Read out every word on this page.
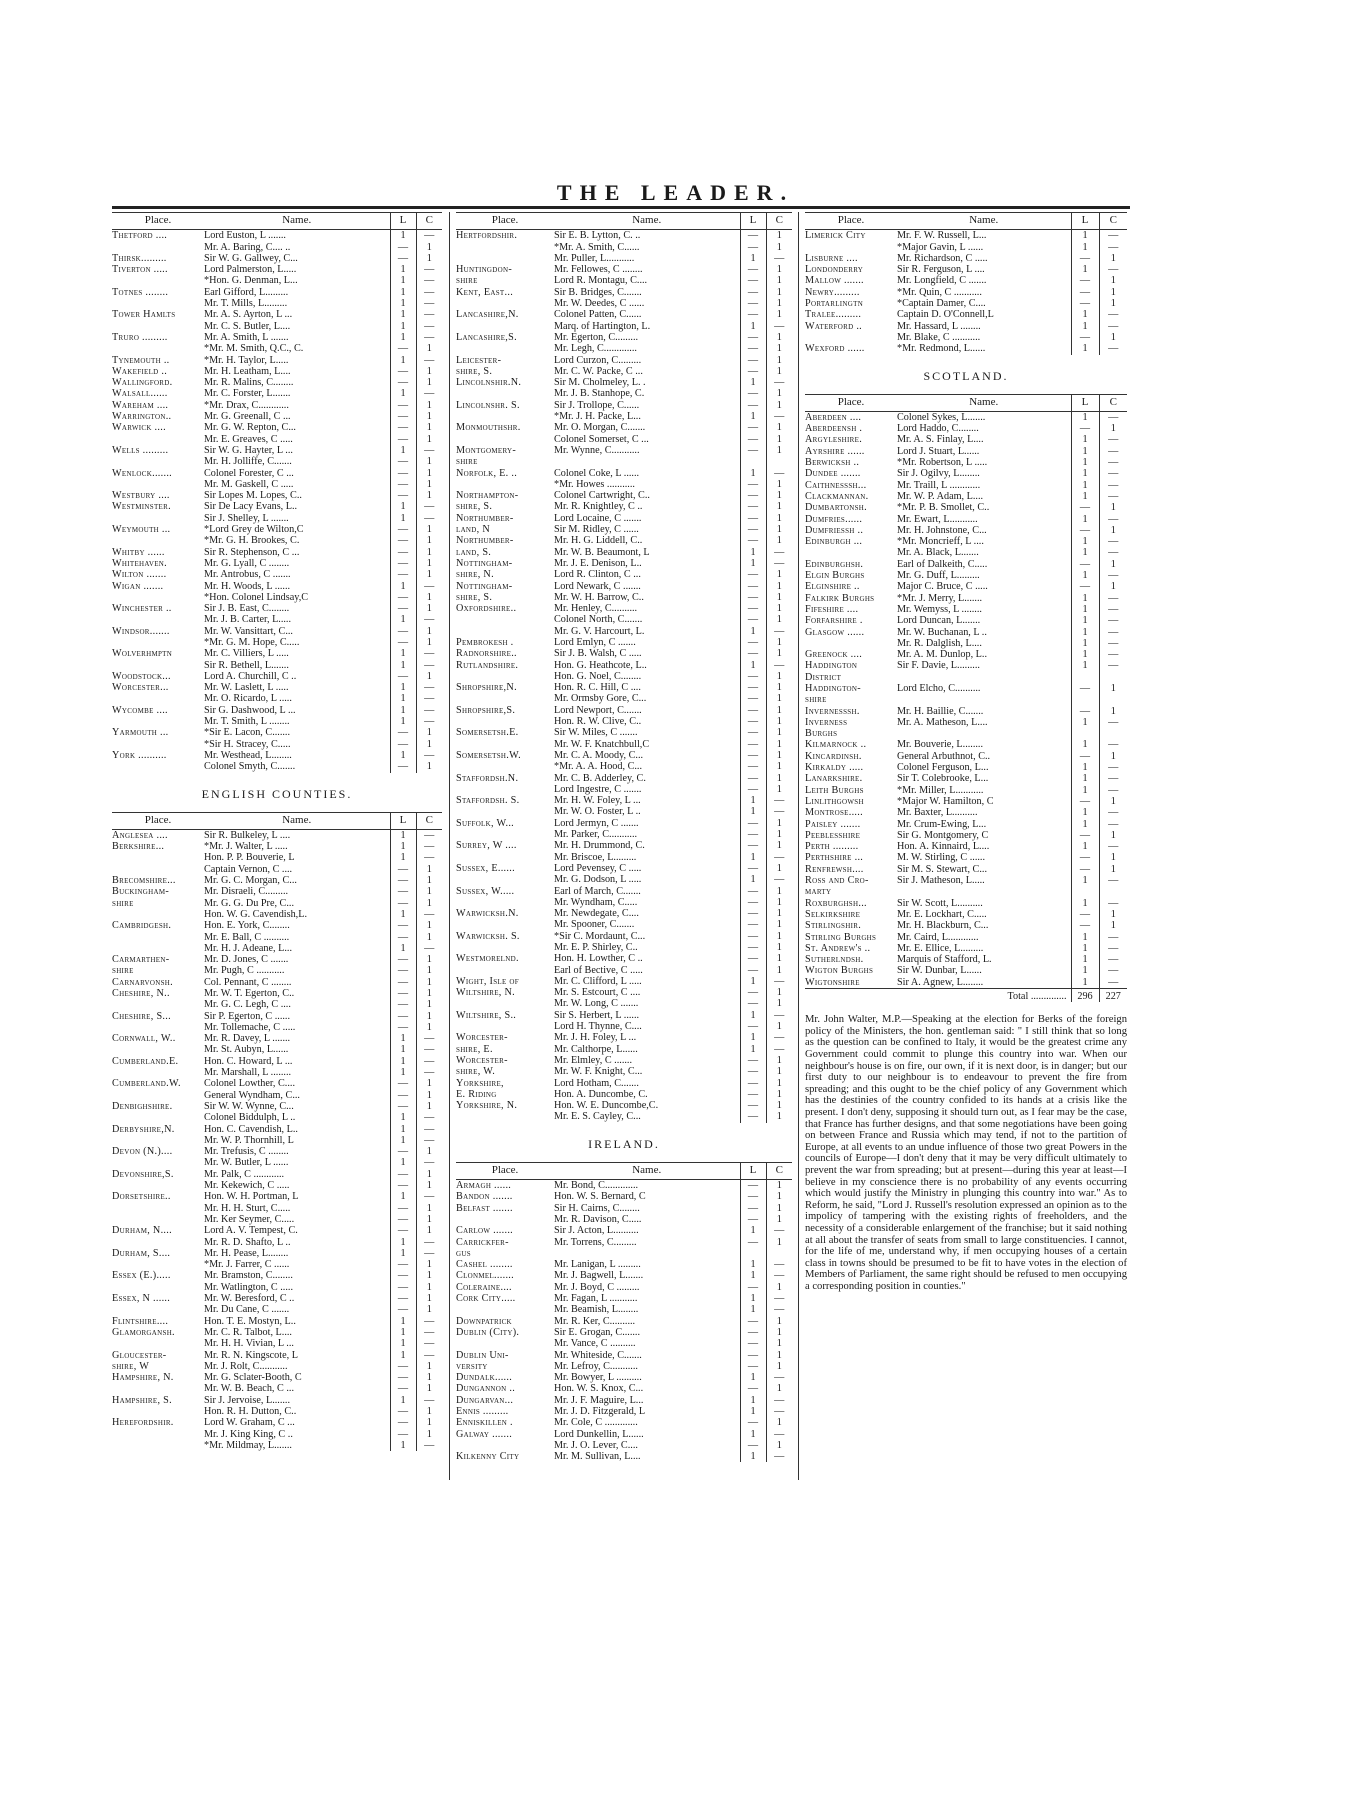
THE LEADER.
Place.	Name.	L	C
Thetford ....	Lord Euston, L .......	1	—
	Mr. A. Baring, C.... ..	—	1
Thirsk.........	Sir W. G. Gallwey, C...	—	1
Tiverton .....	Lord Palmerston, L.....	1	—
	*Hon. G. Denman, L...	1	—
Totnes ........	Earl Gifford, L.........	1	—
	Mr. T. Mills, L.........	1	—
Tower Hamlts	Mr. A. S. Ayrton, L ...	1	—
	Mr. C. S. Butler, L....	1	—
Truro .........	Mr. A. Smith, L .......	1	—
	*Mr. M. Smith, Q.C., C.	—	1
Tynemouth ..	*Mr. H. Taylor, L.....	1	—
Wakefield ..	Mr. H. Leatham, L....	—	1
Wallingford.	Mr. R. Malins, C........	—	1
Walsall......	Mr. C. Forster, L.......	1	—
Wareham ....	*Mr. Drax, C............	—	1
Warrington..	Mr. G. Greenall, C ...	—	1
Warwick ....	Mr. G. W. Repton, C...	—	1
	Mr. E. Greaves, C .....	—	1
Wells .........	Sir W. G. Hayter, L ...	1	—
	Mr. H. Jolliffe, C.......	—	1
Wenlock.......	Colonel Forester, C ...	—	1
	Mr. M. Gaskell, C .....	—	1
Westbury ....	Sir Lopes M. Lopes, C..	—	1
Westminster.	Sir De Lacy Evans, L..	1	—
	Sir J. Shelley, L .......	1	—
Weymouth ...	*Lord Grey de Wilton,C	—	1
	*Mr. G. H. Brookes, C.	—	1
Whitby ......	Sir R. Stephenson, C ...	—	1
Whitehaven.	Mr. G. Lyall, C ........	—	1
Wilton .......	Mr. Antrobus, C .......	—	1
Wigan .......	Mr. H. Woods, L ......	1	—
	*Hon. Colonel Lindsay,C	—	1
Winchester ..	Sir J. B. East, C........	—	1
	Mr. J. B. Carter, L.....	1	—
Windsor.......	Mr. W. Vansittart, C...	—	1
	*Mr. G. M. Hope, C.....	—	1
Wolverhmptn	Mr. C. Villiers, L .....	1	—
	Sir R. Bethell, L.......	1	—
Woodstock...	Lord A. Churchill, C ..	—	1
Worcester...	Mr. W. Laslett, L .....	1	—
	Mr. O. Ricardo, L .....	1	—
Wycombe ....	Sir G. Dashwood, L ...	1	—
	Mr. T. Smith, L ........	1	—
Yarmouth ...	*Sir E. Lacon, C.......	—	1
	*Sir H. Stracey, C.....	—	1
York ..........	Mr. Westhead, L........	1	—
	Colonel Smyth, C.......	—	1
ENGLISH COUNTIES.
Place.	Name.	L	C
Anglesea ....	Sir R. Bulkeley, L ....	1	—
Berkshire...	*Mr. J. Walter, L .....	1	—
	Hon. P. P. Bouverie, L	1	—
	Captain Vernon, C ....	—	1
Brecomshire...	Mr. G. C. Morgan, C...	—	1
Buckingham-	Mr. Disraeli, C.........	—	1
shire	Mr. G. G. Du Pre, C...	—	1
	Hon. W. G. Cavendish,L.	1	—
Cambridgesh.	Hon. E. York, C........	—	1
	Mr. E. Ball, C ..........	—	1
	Mr. H. J. Adeane, L...	1	—
Carmarthen-	Mr. D. Jones, C .......	—	1
shire	Mr. Pugh, C ...........	—	1
Carnarvonsh.	Col. Pennant, C ........	—	1
Cheshire, N..	Mr. W. T. Egerton, C..	—	1
	Mr. G. C. Legh, C ....	—	1
Cheshire, S...	Sir P. Egerton, C ......	—	1
	Mr. Tollemache, C .....	—	1
Cornwall, W..	Mr. R. Davey, L .......	1	—
	Mr. St. Aubyn, L......	1	—
Cumberland.E.	Hon. C. Howard, L ...	1	—
	Mr. Marshall, L ........	1	—
Cumberland.W.	Colonel Lowther, C....	—	1
	General Wyndham, C...	—	1
Denbighshire.	Sir W. W. Wynne, C...	—	1
	Colonel Biddulph, L ..	1	—
Derbyshire,N.	Hon. C. Cavendish, L..	1	—
	Mr. W. P. Thornhill, L	1	—
Devon (N.)....	Mr. Trefusis, C ........	—	1
	Mr. W. Butler, L ......	1	—
Devonshire,S.	Mr. Palk, C ............	—	1
	Mr. Kekewich, C .....	—	1
Dorsetshire..	Hon. W. H. Portman, L	1	—
	Mr. H. H. Sturt, C.....	—	1
	Mr. Ker Seymer, C.....	—	1
Durham, N....	Lord A. V. Tempest, C.	—	1
	Mr. R. D. Shafto, L ..	1	—
Durham, S....	Mr. H. Pease, L........	1	—
	*Mr. J. Farrer, C ......	—	1
Essex (E.).....	Mr. Bramston, C........	—	1
	Mr. Watlington, C .....	—	1
Essex, N ......	Mr. W. Beresford, C ..	—	1
	Mr. Du Cane, C .......	—	1
Flintshire....	Hon. T. E. Mostyn, L..	1	—
Glamorgansh.	Mr. C. R. Talbot, L....	1	—
	Mr. H. H. Vivian, L ...	1	—
Gloucester-	Mr. R. N. Kingscote, L	1	—
shire, W	Mr. J. Rolt, C...........	—	1
Hampshire, N.	Mr. G. Sclater-Booth, C	—	1
	Mr. W. B. Beach, C ...	—	1
Hampshire, S.	Sir J. Jervoise, L.......	1	—
	Hon. R. H. Dutton, C..	—	1
Herefordshir.	Lord W. Graham, C ...	—	1
	Mr. J. King King, C ..	—	1
	*Mr. Mildmay, L.......	1	—
Place.	Name.	L	C
Hertfordshir.	Sir E. B. Lytton, C. ..	—	1
	*Mr. A. Smith, C......	—	1
	Mr. Puller, L...........	1	—
Huntingdon-	Mr. Fellowes, C ........	—	1
shire	Lord R. Montagu, C....	—	1
Kent, East...	Sir B. Bridges, C.......	—	1
	Mr. W. Deedes, C ......	—	1
Lancashire,N.	Colonel Patten, C......	—	1
	Marq. of Hartington, L.	1	—
Lancashire,S.	Mr. Egerton, C.........	—	1
	Mr. Legh, C.............	—	1
Leicester-	Lord Curzon, C.........	—	1
shire, S.	Mr. C. W. Packe, C ...	—	1
Lincolnshir.N.	Sir M. Cholmeley, L. .	1	—
	Mr. J. B. Stanhope, C.	—	1
Lincolnshr. S.	Sir J. Trollope, C......	—	1
	*Mr. J. H. Packe, L...	1	—
Monmouthshr.	Mr. O. Morgan, C.......	—	1
	Colonel Somerset, C ...	—	1
Montgomery-	Mr. Wynne, C...........	—	1
shire			
Norfolk, E. ..	Colonel Coke, L ......	1	—
	*Mr. Howes ...........	—	1
Northampton-	Colonel Cartwright, C..	—	1
shire, S.	Mr. R. Knightley, C ..	—	1
Northumber-	Lord Locaine, C .......	—	1
land, N	Sir M. Ridley, C ......	—	1
Northumber-	Mr. H. G. Liddell, C..	—	1
land, S.	Mr. W. B. Beaumont, L	1	—
Nottingham-	Mr. J. E. Denison, L..	1	—
shire, N.	Lord R. Clinton, C ...	—	1
Nottingham-	Lord Newark, C .......	—	1
shire, S.	Mr. W. H. Barrow, C..	—	1
Oxfordshire..	Mr. Henley, C..........	—	1
	Colonel North, C.......	—	1
	Mr. G. V. Harcourt, L.	1	—
Pembrokesh .	Lord Emlyn, C .......	—	1
Radnorshire..	Sir J. B. Walsh, C .....	—	1
Rutlandshire.	Hon. G. Heathcote, L..	1	—
	Hon. G. Noel, C........	—	1
Shropshire,N.	Hon. R. C. Hill, C ....	—	1
	Mr. Ormsby Gore, C...	—	1
Shropshire,S.	Lord Newport, C.......	—	1
	Hon. R. W. Clive, C..	—	1
Somersetsh.E.	Sir W. Miles, C .......	—	1
	Mr. W. F. Knatchbull,C	—	1
Somersetsh.W.	Mr. C. A. Moody, C...	—	1
	*Mr. A. A. Hood, C...	—	1
Staffordsh.N.	Mr. C. B. Adderley, C.	—	1
	Lord Ingestre, C .......	—	1
Staffordsh. S.	Mr. H. W. Foley, L ...	1	—
	Mr. W. O. Foster, L ..	1	—
Suffolk, W...	Lord Jermyn, C .......	—	1
	Mr. Parker, C...........	—	1
Surrey, W ....	Mr. H. Drummond, C.	—	1
	Mr. Briscoe, L.........	1	—
Sussex, E......	Lord Pevensey, C .....	—	1
	Mr. G. Dodson, L .....	1	—
Sussex, W.....	Earl of March, C.......	—	1
	Mr. Wyndham, C.....	—	1
Warwicksh.N.	Mr. Newdegate, C....	—	1
	Mr. Spooner, C.......	—	1
Warwicksh. S.	*Sir C. Mordaunt, C...	—	1
	Mr. E. P. Shirley, C..	—	1
Westmorelnd.	Hon. H. Lowther, C ..	—	1
	Earl of Bective, C .....	—	1
Wight, Isle of	Mr. C. Clifford, L .....	1	—
Wiltshire, N.	Mr. S. Estcourt, C ....	—	1
	Mr. W. Long, C .......	—	1
Wiltshire, S..	Sir S. Herbert, L ......	1	—
	Lord H. Thynne, C....	—	1
Worcester-	Mr. J. H. Foley, L ...	1	—
shire, E.	Mr. Calthorpe, L......	1	—
Worcester-	Mr. Elmley, C .......	—	1
shire, W.	Mr. W. F. Knight, C...	—	1
Yorkshire,	Lord Hotham, C.......	—	1
E. Riding	Hon. A. Duncombe, C.	—	1
Yorkshire, N.	Hon. W. E. Duncombe,C.	—	1
	Mr. E. S. Cayley, C...	—	1
IRELAND.
Place.	Name.	L	C
Armagh ......	Mr. Bond, C.............	—	1
Bandon .......	Hon. W. S. Bernard, C	—	1
Belfast .......	Sir H. Cairns, C........	—	1
	Mr. R. Davison, C.....	—	1
Carlow .......	Sir J. Acton, L..........	1	—
Carrickfer-	Mr. Torrens, C.........	—	1
gus			
Cashel ........	Mr. Lanigan, L .........	1	—
Clonmel.......	Mr. J. Bagwell, L.......	1	—
Coleraine....	Mr. J. Boyd, C .........	—	1
Cork City.....	Mr. Fagan, L ...........	1	—
	Mr. Beamish, L........	1	—
Downpatrick	Mr. R. Ker, C..........	—	1
Dublin (City).	Sir E. Grogan, C.......	—	1
	Mr. Vance, C ..........	—	1
Dublin Uni-	Mr. Whiteside, C.......	—	1
versity	Mr. Lefroy, C...........	—	1
Dundalk......	Mr. Bowyer, L ..........	1	—
Dungannon ..	Hon. W. S. Knox, C...	—	1
Dungarvan...	Mr. J. F. Maguire, L...	1	—
Ennis .........	Mr. J. D. Fitzgerald, L	1	—
Enniskillen .	Mr. Cole, C .............	—	1
Galway .......	Lord Dunkellin, L......	1	—
	Mr. J. O. Lever, C....	—	1
Kilkenny City	Mr. M. Sullivan, L....	1	—
Place.	Name.	L	C
Limerick City	Mr. F. W. Russell, L...	1	—
	*Major Gavin, L ......	1	—
Lisburne ....	Mr. Richardson, C .....	—	1
Londonderry	Sir R. Ferguson, L ....	1	—
Mallow .......	Mr. Longfield, C .......	—	1
Newry.........	*Mr. Quin, C ...........	—	1
Portarlingtn	*Captain Damer, C....	—	1
Tralee.........	Captain D. O'Connell,L	1	—
Waterford ..	Mr. Hassard, L ........	1	—
	Mr. Blake, C ...........	—	1
Wexford ......	*Mr. Redmond, L......	1	—
SCOTLAND.
Place.	Name.	L	C
Aberdeen ....	Colonel Sykes, L.......	1	—
Aberdeensh .	Lord Haddo, C........	—	1
Argyleshire.	Mr. A. S. Finlay, L....	1	—
Ayrshire ......	Lord J. Stuart, L......	1	—
Berwicksh ..	*Mr. Robertson, L .....	1	—
Dundee .......	Sir J. Ogilvy, L........	1	—
Caithnesssh...	Mr. Traill, L ............	1	—
Clackmannan.	Mr. W. P. Adam, L....	1	—
Dumbartonsh.	*Mr. P. B. Smollet, C..	—	1
Dumfries......	Mr. Ewart, L...........	1	—
Dumfriessh ..	Mr. H. Johnstone, C...	—	1
Edinburgh ...	*Mr. Moncrieff, L ....	1	—
	Mr. A. Black, L.......	1	—
Edinburghsh.	Earl of Dalkeith, C.....	—	1
Elgin Burghs	Mr. G. Duff, L.........	1	—
Elginshire ..	Major C. Bruce, C .....	—	1
Falkirk Burghs	*Mr. J. Merry, L.......	1	—
Fifeshire ....	Mr. Wemyss, L ........	1	—
Forfarshire .	Lord Duncan, L.......	1	—
Glasgow ......	Mr. W. Buchanan, L ..	1	—
	Mr. R. Dalglish, L....	1	—
Greenock ....	Mr. A. M. Dunlop, L..	1	—
Haddington	Sir F. Davie, L.........	1	—
District			
Haddington-	Lord Elcho, C..........	—	1
shire			
Invernesssh.	Mr. H. Baillie, C.......	—	1
Inverness	Mr. A. Matheson, L....	1	—
Burghs			
Kilmarnock ..	Mr. Bouverie, L........	1	—
Kincardinsh.	General Arbuthnot, C..	—	1
Kirkaldy .....	Colonel Ferguson, L...	1	—
Lanarkshire.	Sir T. Colebrooke, L...	1	—
Leith Burghs	*Mr. Miller, L...........	1	—
Linlithgowsh	*Major W. Hamilton, C	—	1
Montrose.....	Mr. Baxter, L..........	1	—
Paisley .......	Mr. Crum-Ewing, L...	1	—
Peeblesshire	Sir G. Montgomery, C	—	1
Perth .........	Hon. A. Kinnaird, L....	1	—
Perthshire ...	M. W. Stirling, C ......	—	1
Renfrewsh....	Sir M. S. Stewart, C...	—	1
Ross and Cro-	Sir J. Matheson, L.....	1	—
marty			
Roxburghsh...	Sir W. Scott, L..........	1	—
Selkirkshire	Mr. E. Lockhart, C.....	—	1
Stirlingshir.	Mr. H. Blackburn, C...	—	1
Stirling Burghs	Mr. Caird, L............	1	—
St. Andrew's ..	Mr. E. Ellice, L.........	1	—
Sutherlndsh.	Marquis of Stafford, L.	1	—
Wigton Burghs	Sir W. Dunbar, L......	1	—
Wigtonshire	Sir A. Agnew, L........	1	—
	Total ..............	296	227

Mr. John Walter, M.P.—Speaking at the election for Berks of the foreign policy of the Ministers, the hon. gentleman said: " I still think that so long as the question can be confined to Italy, it would be the greatest crime any Government could commit to plunge this country into war. When our neighbour's house is on fire, our own, if it is next door, is in danger; but our first duty to our neighbour is to endeavour to prevent the fire from spreading; and this ought to be the chief policy of any Government which has the destinies of the country confided to its hands at a crisis like the present. I don't deny, supposing it should turn out, as I fear may be the case, that France has further designs, and that some negotiations have been going on between France and Russia which may tend, if not to the partition of Europe, at all events to an undue influence of those two great Powers in the councils of Europe—I don't deny that it may be very difficult ultimately to prevent the war from spreading; but at present—during this year at least—I believe in my conscience there is no probability of any events occurring which would justify the Ministry in plunging this country into war." As to Reform, he said, "Lord J. Russell's resolution expressed an opinion as to the impolicy of tampering with the existing rights of freeholders, and the necessity of a considerable enlargement of the franchise; but it said nothing at all about the transfer of seats from small to large constituencies. I cannot, for the life of me, understand why, if men occupying houses of a certain class in towns should be presumed to be fit to have votes in the election of Members of Parliament, the same right should be refused to men occupying a corresponding position in counties."
